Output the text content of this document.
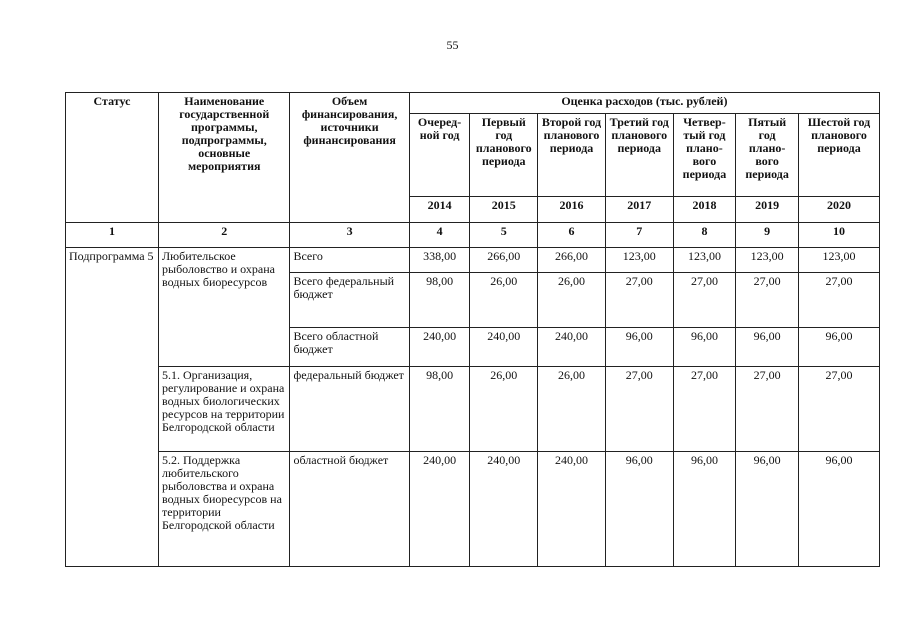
55
Статус	Наименование государственной программы, подпрограммы, основные мероприятия	Объем финансирования, источники финансирования	Оценка расходов (тыс. рублей)						
			Очеред-ной год	Первый год планового периода	Второй год планового периода	Третий год планового периода	Четвер-тый год плано-вого периода	Пятый год плано-вого периода	Шестой год планового периода
			2014	2015	2016	2017	2018	2019	2020
1	2	3	4	5	6	7	8	9	10
Подпрограмма 5	Любительское рыболовство и охрана водных биоресурсов	Всего	338,00	266,00	266,00	123,00	123,00	123,00	123,00
		Всего федеральный бюджет	98,00	26,00	26,00	27,00	27,00	27,00	27,00
		Всего областной бюджет	240,00	240,00	240,00	96,00	96,00	96,00	96,00
	5.1. Организация, регулирование и охрана водных биологических ресурсов на территории Белгородской области	федеральный бюджет	98,00	26,00	26,00	27,00	27,00	27,00	27,00
	5.2. Поддержка любительского рыболовства и охрана водных биоресурсов на территории Белгородской области	областной бюджет	240,00	240,00	240,00	96,00	96,00	96,00	96,00
